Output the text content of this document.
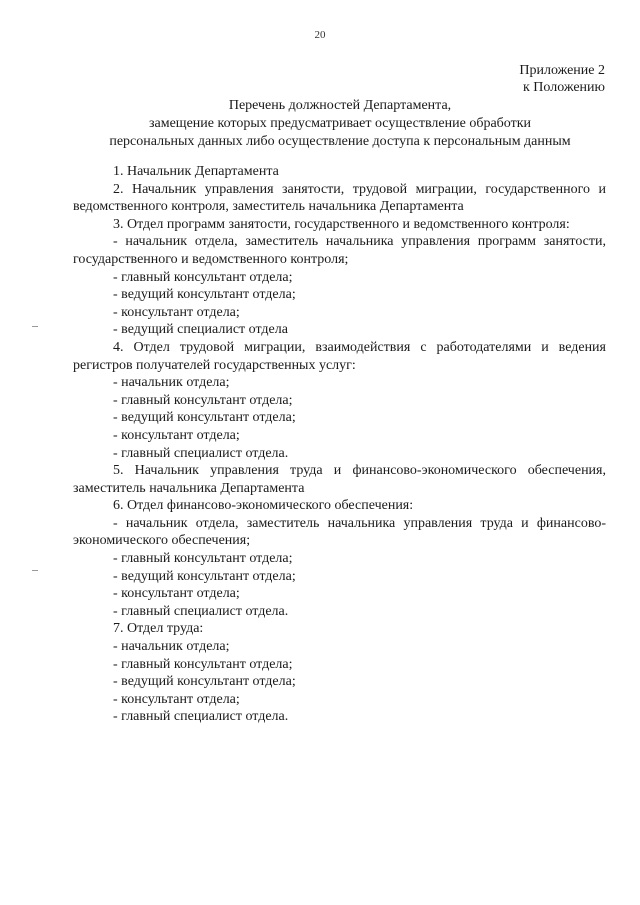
20
Приложение 2
к Положению
Перечень должностей Департамента,
замещение которых предусматривает осуществление обработки
персональных данных либо осуществление доступа к персональным данным

1. Начальник Департамента

2. Начальник управления занятости, трудовой миграции, государственного и ведомственного контроля, заместитель начальника Департамента

3. Отдел программ занятости, государственного и ведомственного контроля:

- начальник отдела, заместитель начальника управления программ занятости, государственного и ведомственного контроля;

- главный консультант отдела;

- ведущий консультант отдела;

- консультант отдела;

- ведущий специалист отдела

4. Отдел трудовой миграции, взаимодействия с работодателями и ведения регистров получателей государственных услуг:

- начальник отдела;

- главный консультант отдела;

- ведущий консультант отдела;

- консультант отдела;

- главный специалист отдела.

5. Начальник управления труда и финансово-экономического обеспечения, заместитель начальника Департамента

6. Отдел финансово-экономического обеспечения:

- начальник отдела, заместитель начальника управления труда и финансово-экономического обеспечения;

- главный консультант отдела;

- ведущий консультант отдела;

- консультант отдела;

- главный специалист отдела.

7. Отдел труда:

- начальник отдела;

- главный консультант отдела;

- ведущий консультант отдела;

- консультант отдела;

- главный специалист отдела.
